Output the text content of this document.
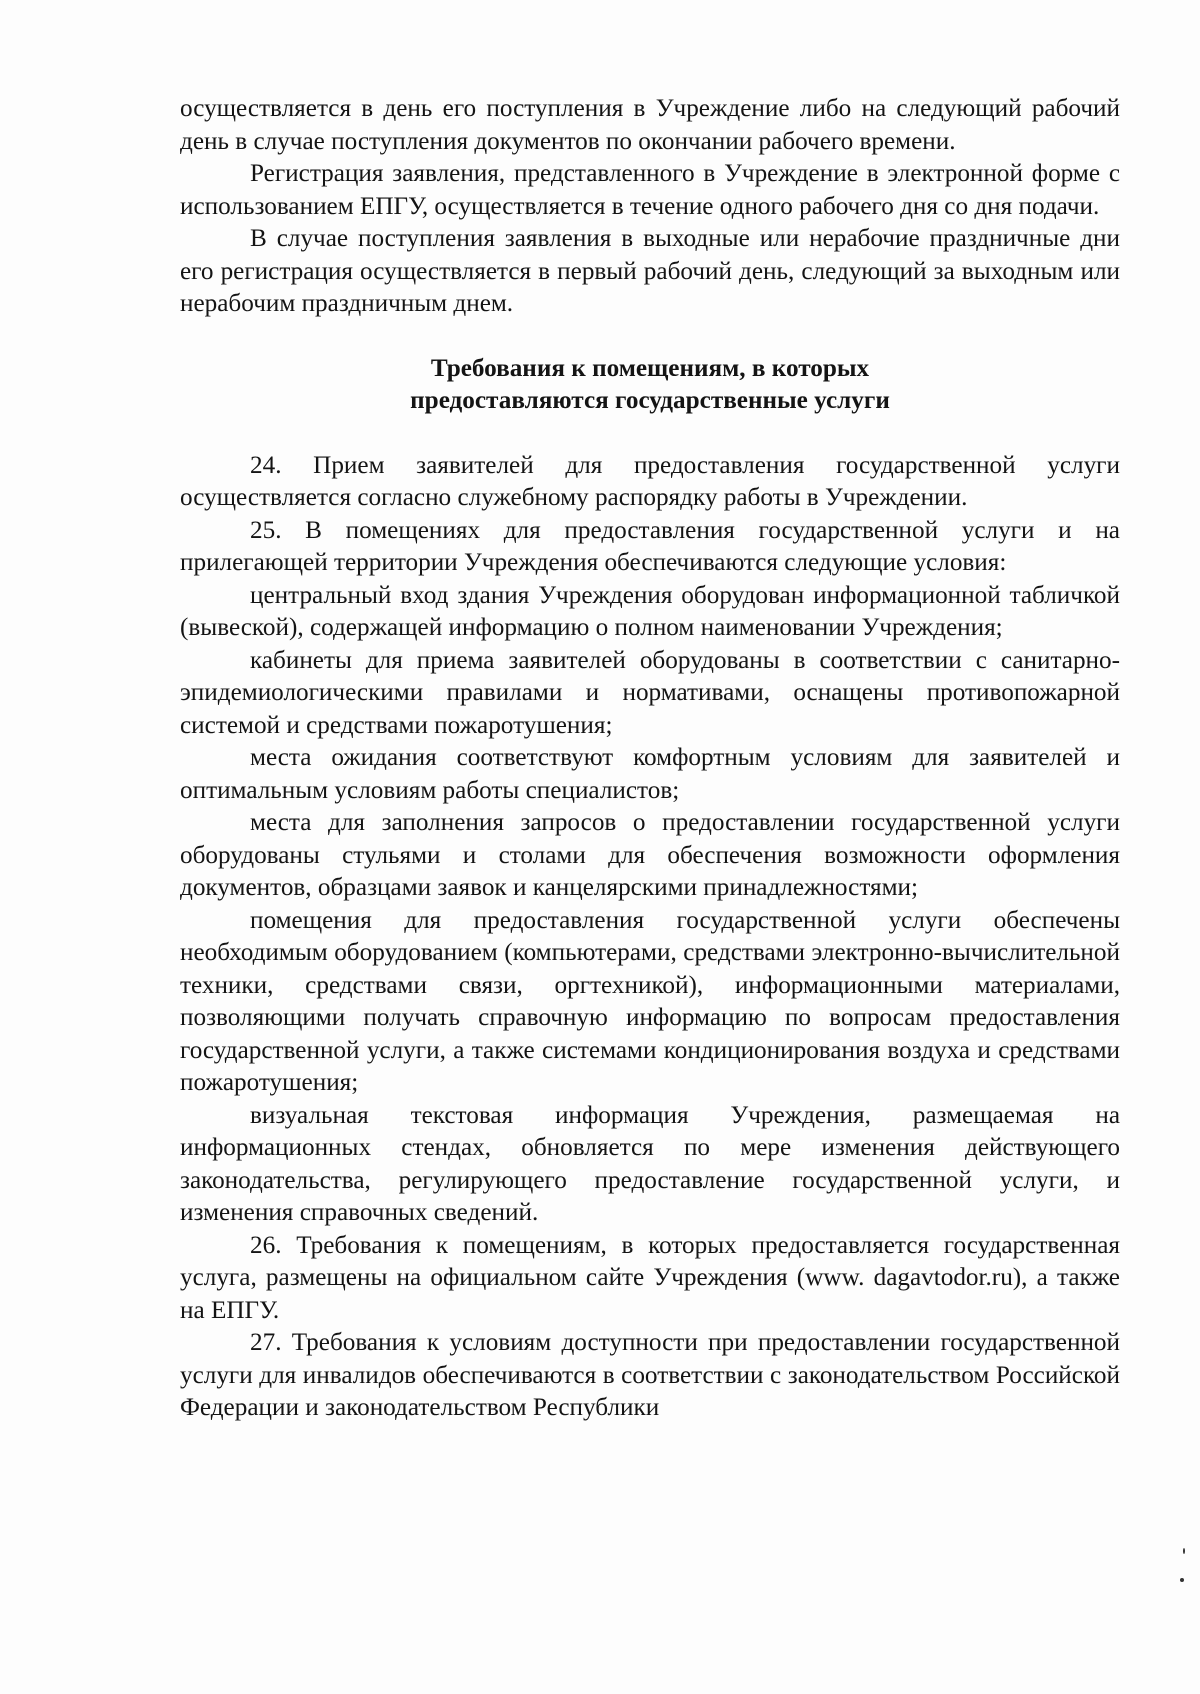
осуществляется в день его поступления в Учреждение либо на следующий рабочий день в случае поступления документов по окончании рабочего времени.

Регистрация заявления, представленного в Учреждение в электронной форме с использованием ЕПГУ, осуществляется в течение одного рабочего дня со дня подачи.

В случае поступления заявления в выходные или нерабочие праздничные дни его регистрация осуществляется в первый рабочий день, следующий за выходным или нерабочим праздничным днем.

Требования к помещениям, в которых
предоставляются государственные услуги

24. Прием заявителей для предоставления государственной услуги осуществляется согласно служебному распорядку работы в Учреждении.

25. В помещениях для предоставления государственной услуги и на прилегающей территории Учреждения обеспечиваются следующие условия:

центральный вход здания Учреждения оборудован информационной табличкой (вывеской), содержащей информацию о полном наименовании Учреждения;

кабинеты для приема заявителей оборудованы в соответствии с санитарно-эпидемиологическими правилами и нормативами, оснащены противопожарной системой и средствами пожаротушения;

места ожидания соответствуют комфортным условиям для заявителей и оптимальным условиям работы специалистов;

места для заполнения запросов о предоставлении государственной услуги оборудованы стульями и столами для обеспечения возможности оформления документов, образцами заявок и канцелярскими принадлежностями;

помещения для предоставления государственной услуги обеспечены необходимым оборудованием (компьютерами, средствами электронно-вычислительной техники, средствами связи, оргтехникой), информационными материалами, позволяющими получать справочную информацию по вопросам предоставления государственной услуги, а также системами кондиционирования воздуха и средствами пожаротушения;

визуальная текстовая информация Учреждения, размещаемая на информационных стендах, обновляется по мере изменения действующего законодательства, регулирующего предоставление государственной услуги, и изменения справочных сведений.

26. Требования к помещениям, в которых предоставляется государственная услуга, размещены на официальном сайте Учреждения (www. dagavtodor.ru), а также на ЕПГУ.

27. Требования к условиям доступности при предоставлении государственной услуги для инвалидов обеспечиваются в соответствии с законодательством Российской Федерации и законодательством Республики
